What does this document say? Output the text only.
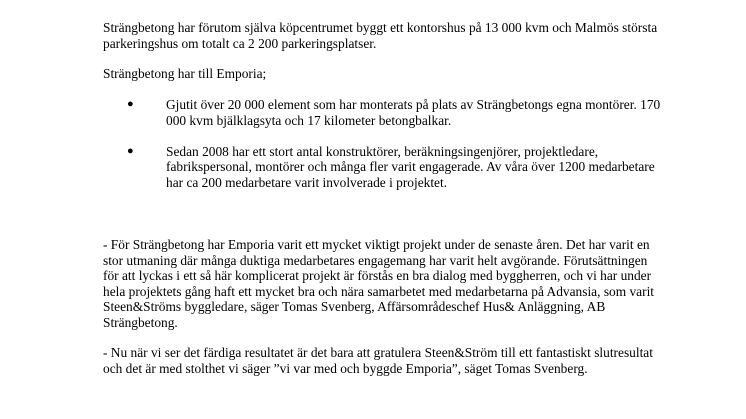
Strängbetong har förutom själva köpcentrumet byggt ett kontorshus på 13 000 kvm och Malmös största parkeringshus om totalt ca 2 200 parkeringsplatser.

Strängbetong har till Emporia;

● Gjutit över 20 000 element som har monterats på plats av Strängbetongs egna montörer. 170 000 kvm bjälklagsyta och 17 kilometer betongbalkar.
● Sedan 2008 har ett stort antal konstruktörer, beräkningsingenjörer, projektledare, fabrikspersonal, montörer och många fler varit engagerade. Av våra över 1200 medarbetare har ca 200 medarbetare varit involverade i projektet.

- För Strängbetong har Emporia varit ett mycket viktigt projekt under de senaste åren. Det har varit en stor utmaning där många duktiga medarbetares engagemang har varit helt avgörande. Förutsättningen för att lyckas i ett så här komplicerat projekt är förstås en bra dialog med byggherren, och vi har under hela projektets gång haft ett mycket bra och nära samarbetet med medarbetarna på Advansia, som varit Steen&Ströms byggledare, säger Tomas Svenberg, Affärsområdeschef Hus& Anläggning, AB Strängbetong.

- Nu när vi ser det färdiga resultatet är det bara att gratulera Steen&Ström till ett fantastiskt slutresultat och det är med stolthet vi säger ”vi var med och byggde Emporia”, säget Tomas Svenberg.
